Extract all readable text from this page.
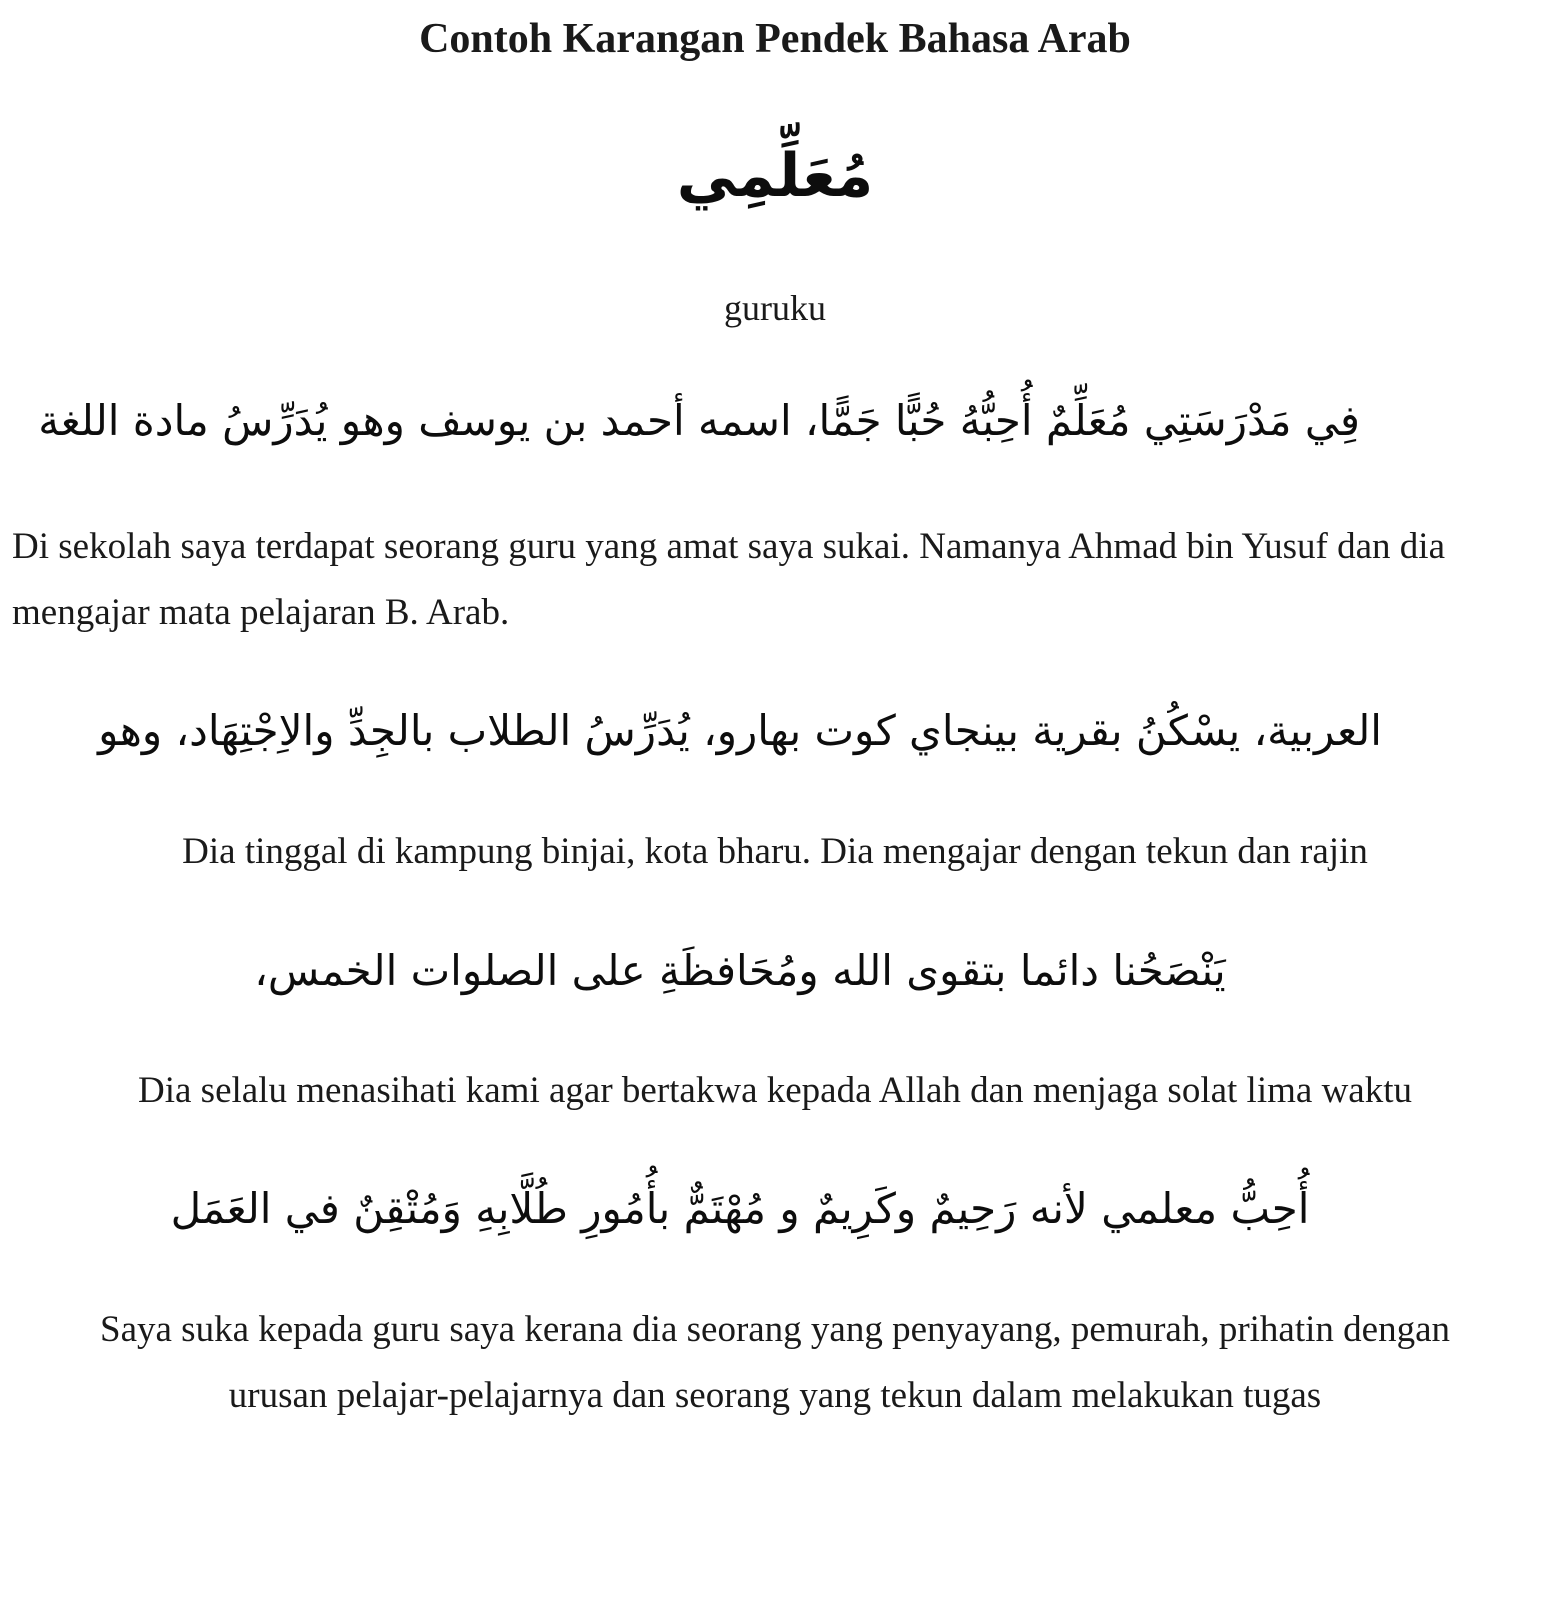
Contoh Karangan Pendek Bahasa Arab
مُعَلِّمِي

guruku

فِي مَدْرَسَتِي مُعَلِّمٌ أُحِبُّهُ حُبًّا جَمًّا، اسمه أحمد بن يوسف وهو يُدَرِّسُ مادة اللغة

Di sekolah saya terdapat seorang guru yang amat saya sukai. Namanya Ahmad bin Yusuf dan dia

mengajar mata pelajaran B. Arab.

العربية، يسْكُنُ بقرية بينجاي كوت بهارو، يُدَرِّسُ الطلاب بالجِدِّ والاِجْتِهَاد، وهو

Dia tinggal di kampung binjai, kota bharu. Dia mengajar dengan tekun dan rajin

يَنْصَحُنا دائما بتقوى الله ومُحَافظَةِ على الصلوات الخمس،

Dia selalu menasihati kami agar bertakwa kepada Allah dan menjaga solat lima waktu

أُحِبُّ معلمي لأنه رَحِيمٌ وكَرِيمٌ و مُهْتَمٌّ بأُمُورِ طُلَّابِهِ وَمُتْقِنٌ في العَمَل

Saya suka kepada guru saya kerana dia seorang yang penyayang, pemurah, prihatin dengan

urusan pelajar-pelajarnya dan seorang yang tekun dalam melakukan tugas
